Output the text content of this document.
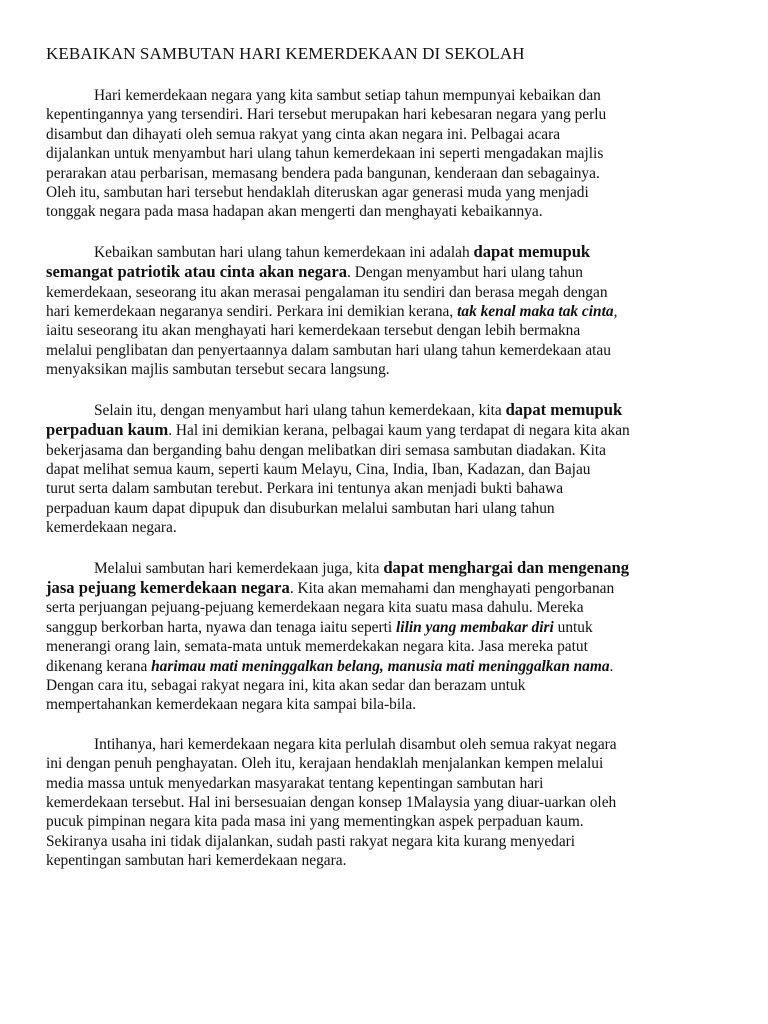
KEBAIKAN SAMBUTAN HARI KEMERDEKAAN DI SEKOLAH

Hari kemerdekaan negara yang kita sambut setiap tahun mempunyai kebaikan dan
kepentingannya yang tersendiri. Hari tersebut merupakan hari kebesaran negara yang perlu
disambut dan dihayati oleh semua rakyat yang cinta akan negara ini. Pelbagai acara
dijalankan untuk menyambut hari ulang tahun kemerdekaan ini seperti mengadakan majlis
perarakan atau perbarisan, memasang bendera pada bangunan, kenderaan dan sebagainya.
Oleh itu, sambutan hari tersebut hendaklah diteruskan agar generasi muda yang menjadi
tonggak negara pada masa hadapan akan mengerti dan menghayati kebaikannya.

Kebaikan sambutan hari ulang tahun kemerdekaan ini adalah dapat memupuk
semangat patriotik atau cinta akan negara. Dengan menyambut hari ulang tahun
kemerdekaan, seseorang itu akan merasai pengalaman itu sendiri dan berasa megah dengan
hari kemerdekaan negaranya sendiri. Perkara ini demikian kerana, tak kenal maka tak cinta,
iaitu seseorang itu akan menghayati hari kemerdekaan tersebut dengan lebih bermakna
melalui penglibatan dan penyertaannya dalam sambutan hari ulang tahun kemerdekaan atau
menyaksikan majlis sambutan tersebut secara langsung.

Selain itu, dengan menyambut hari ulang tahun kemerdekaan, kita dapat memupuk
perpaduan kaum. Hal ini demikian kerana, pelbagai kaum yang terdapat di negara kita akan
bekerjasama dan berganding bahu dengan melibatkan diri semasa sambutan diadakan. Kita
dapat melihat semua kaum, seperti kaum Melayu, Cina, India, Iban, Kadazan, dan Bajau
turut serta dalam sambutan terebut. Perkara ini tentunya akan menjadi bukti bahawa
perpaduan kaum dapat dipupuk dan disuburkan melalui sambutan hari ulang tahun
kemerdekaan negara.

Melalui sambutan hari kemerdekaan juga, kita dapat menghargai dan mengenang
jasa pejuang kemerdekaan negara. Kita akan memahami dan menghayati pengorbanan
serta perjuangan pejuang-pejuang kemerdekaan negara kita suatu masa dahulu. Mereka
sanggup berkorban harta, nyawa dan tenaga iaitu seperti lilin yang membakar diri untuk
menerangi orang lain, semata-mata untuk memerdekakan negara kita. Jasa mereka patut
dikenang kerana harimau mati meninggalkan belang, manusia mati meninggalkan nama.
Dengan cara itu, sebagai rakyat negara ini, kita akan sedar dan berazam untuk
mempertahankan kemerdekaan negara kita sampai bila-bila.

Intihanya, hari kemerdekaan negara kita perlulah disambut oleh semua rakyat negara
ini dengan penuh penghayatan. Oleh itu, kerajaan hendaklah menjalankan kempen melalui
media massa untuk menyedarkan masyarakat tentang kepentingan sambutan hari
kemerdekaan tersebut. Hal ini bersesuaian dengan konsep 1Malaysia yang diuar-uarkan oleh
pucuk pimpinan negara kita pada masa ini yang mementingkan aspek perpaduan kaum.
Sekiranya usaha ini tidak dijalankan, sudah pasti rakyat negara kita kurang menyedari
kepentingan sambutan hari kemerdekaan negara.
